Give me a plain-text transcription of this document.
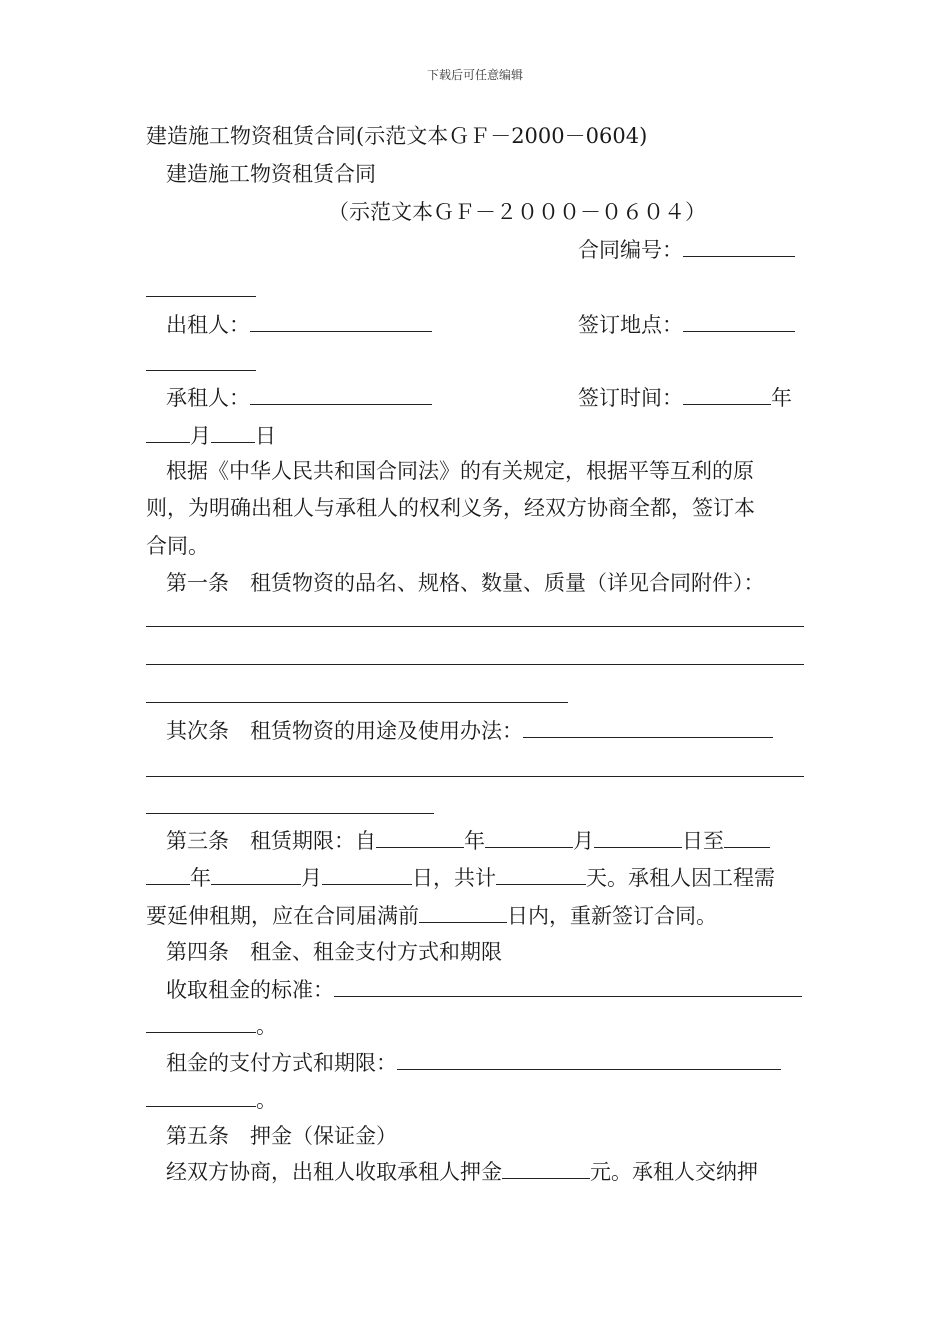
下载后可任意编辑
建造施工物资租赁合同(示范文本ＧＦ－2000－0604)
建造施工物资租赁合同
（示范文本ＧＦ－２０００－０６０４）
合同编号：
出租人：	签订地点：
承租人：	签订时间：	年
月 日
根据《中华人民共和国合同法》的有关规定，根据平等互利的原
则，为明确出租人与承租人的权利义务，经双方协商全都，签订本
合同。
第一条　租赁物资的品名、规格、数量、质量（详见合同附件）：
其次条　租赁物资的用途及使用办法：
第三条　租赁期限：自	年	月	日至
年	月	日，共计	天。承租人因工程需
要延伸租期，应在合同届满前	日内，重新签订合同。
第四条　租金、租金支付方式和期限
收取租金的标准：
。
租金的支付方式和期限：
。
第五条　押金（保证金）
经双方协商，出租人收取承租人押金	元。承租人交纳押
